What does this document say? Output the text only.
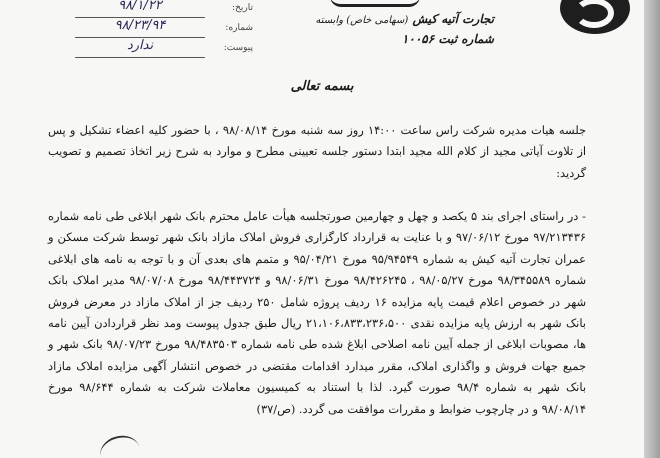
تجارت آتیه کیش (سهامی خاص) وابسته
شماره ثبت ۱۰۰۵۶
تاریخ:
۹۸/۱/۲۲
شماره:
۹۸/۲۳/۹۴
پیوست:
ندارد
بسمه تعالی
جلسه هیات مدیره شرکت راس ساعت ۱۴:۰۰ روز سه شنبه مورخ ۹۸/۰۸/۱۴ ، با حضور کلیه اعضاء تشکیل و پس از تلاوت آیاتی مجید از کلام الله مجید ابتدا دستور جلسه تعیینی مطرح و موارد به شرح زیر اتخاذ تصمیم و تصویب گردید:
- در راستای اجرای بند ۵ یکصد و چهل و چهارمین صورتجلسه هیأت عامل محترم بانک شهر ابلاغی طی نامه شماره ۹۷/۲۱۳۴۳۶ مورخ ۹۷/۰۶/۱۲ و با عنایت به قرارداد کارگزاری فروش املاک مازاد بانک شهر توسط شرکت مسکن و عمران تجارت آتیه کیش به شماره ۹۵/۹۴۵۴۹ مورخ ۹۵/۰۴/۲۱ و متمم های بعدی آن و با توجه به نامه های ابلاغی شماره ۹۸/۳۴۵۵۸۹ مورخ ۹۸/۰۵/۲۷ ، ۹۸/۴۲۶۲۴۵ مورخ ۹۸/۰۶/۳۱ و ۹۸/۴۴۳۷۲۴ مورخ ۹۸/۰۷/۰۸ مدیر املاک بانک شهر در خصوص اعلام قیمت پایه مزایده ۱۶ ردیف پروژه شامل ۲۵۰ ردیف جز از املاک مازاد در معرض فروش بانک شهر به ارزش پایه مزایده نقدی ۲۱،۱۰۶،۸۳۳،۲۳۶،۵۰۰ ریال طبق جدول پیوست ومد نظر قراردادن آیین نامه ها، مصوبات ابلاغی از جمله آیین نامه اصلاحی ابلاغ شده طی نامه شماره ۹۸/۴۸۳۵۰۳ مورخ ۹۸/۰۷/۲۳ بانک شهر و جمیع جهات فروش و واگذاری املاک، مقرر میدارد اقدامات مقتضی در خصوص انتشار آگهی مزایده املاک مازاد بانک شهر به شماره ۹۸/۴ صورت گیرد. لذا با استناد به کمیسیون معاملات شرکت به شماره ۹۸/۶۴۴ مورخ ۹۸/۰۸/۱۴ و در چارچوب ضوابط و مقررات موافقت می گردد. (ص/۳۷)
